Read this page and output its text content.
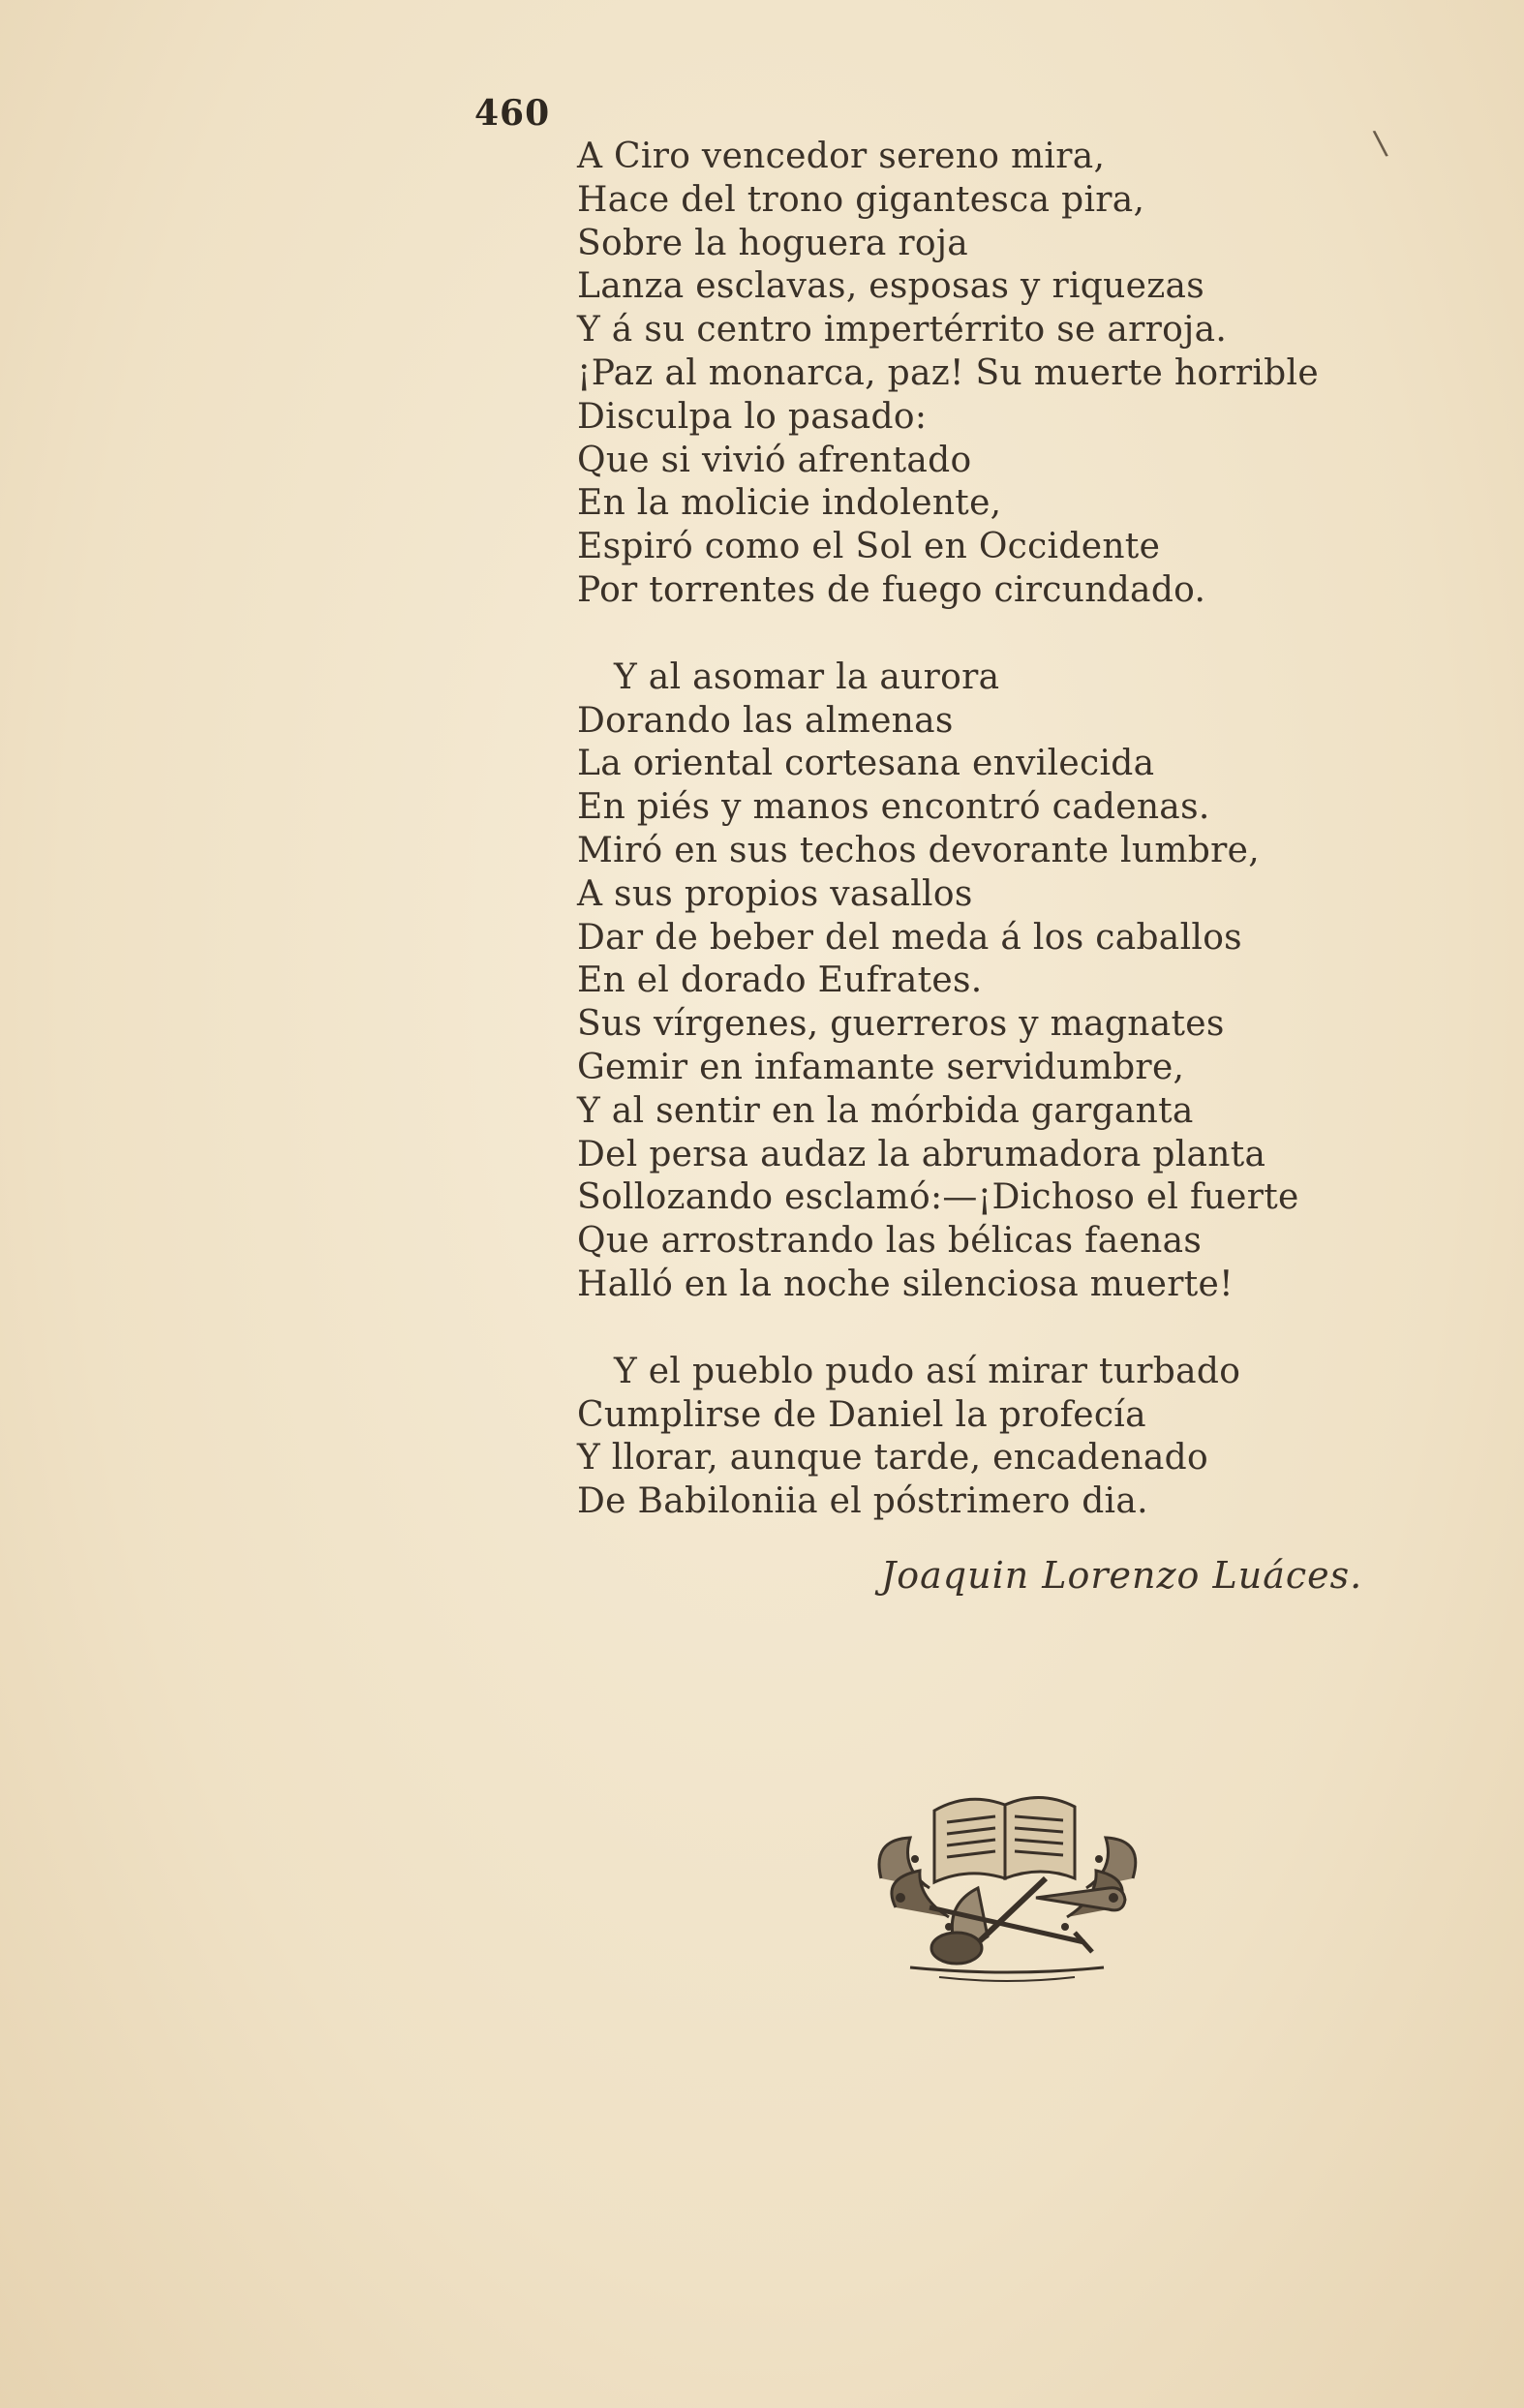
460
\
A Ciro vencedor sereno mira,
Hace del trono gigantesca pira,
Sobre la hoguera roja
Lanza esclavas, esposas y riquezas
Y á su centro impertérrito se arroja.
¡Paz al monarca, paz! Su muerte horrible
Disculpa lo pasado:
Que si vivió afrentado
En la molicie indolente,
Espiró como el Sol en Occidente
Por torrentes de fuego circundado.
Y al asomar la aurora
Dorando las almenas
La oriental cortesana envilecida
En piés y manos encontró cadenas.
Miró en sus techos devorante lumbre,
A sus propios vasallos
Dar de beber del meda á los caballos
En el dorado Eufrates.
Sus vírgenes, guerreros y magnates
Gemir en infamante servidumbre,
Y al sentir en la mórbida garganta
Del persa audaz la abrumadora planta
Sollozando esclamó:—¡Dichoso el fuerte
Que arrostrando las bélicas faenas
Halló en la noche silenciosa muerte!
Y el pueblo pudo así mirar turbado
Cumplirse de Daniel la profecía
Y llorar, aunque tarde, encadenado
De Babiloniia el póstrimero dia.
Joaquin Lorenzo Luáces.
